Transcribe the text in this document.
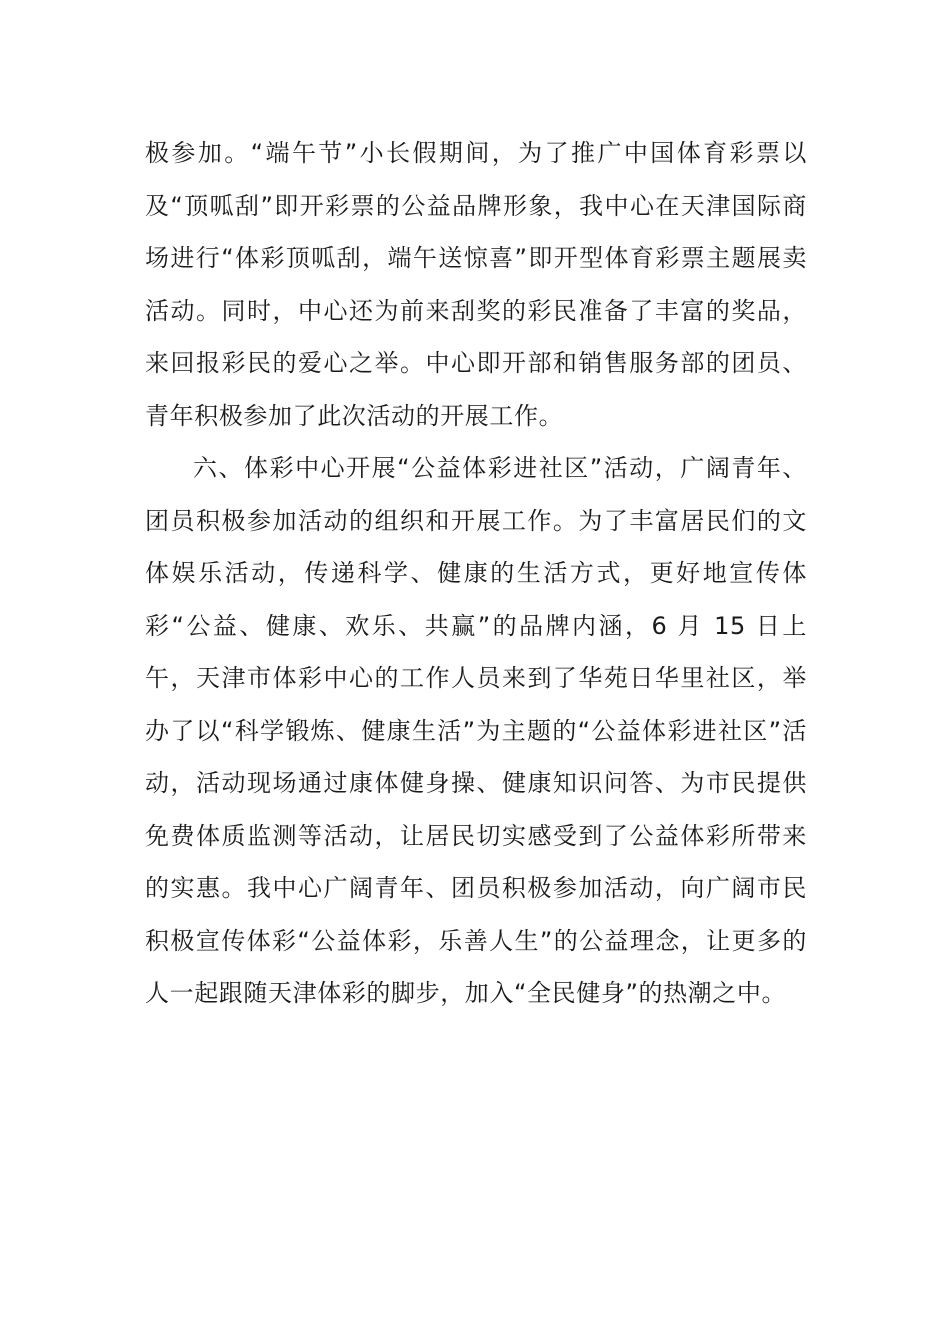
极参加。“端午节”小长假期间，为了推广中国体育彩票以及“顶呱刮”即开彩票的公益品牌形象，我中心在天津国际商场进行“体彩顶呱刮，端午送惊喜”即开型体育彩票主题展卖活动。同时，中心还为前来刮奖的彩民准备了丰富的奖品，来回报彩民的爱心之举。中心即开部和销售服务部的团员、青年积极参加了此次活动的开展工作。

六、体彩中心开展“公益体彩进社区”活动，广阔青年、团员积极参加活动的组织和开展工作。为了丰富居民们的文体娱乐活动，传递科学、健康的生活方式，更好地宣传体彩“公益、健康、欢乐、共赢”的品牌内涵，6 月 15 日上午，天津市体彩中心的工作人员来到了华苑日华里社区，举办了以“科学锻炼、健康生活”为主题的“公益体彩进社区”活动，活动现场通过康体健身操、健康知识问答、为市民提供免费体质监测等活动，让居民切实感受到了公益体彩所带来的实惠。我中心广阔青年、团员积极参加活动，向广阔市民积极宣传体彩“公益体彩，乐善人生”的公益理念，让更多的人一起跟随天津体彩的脚步，加入“全民健身”的热潮之中。
